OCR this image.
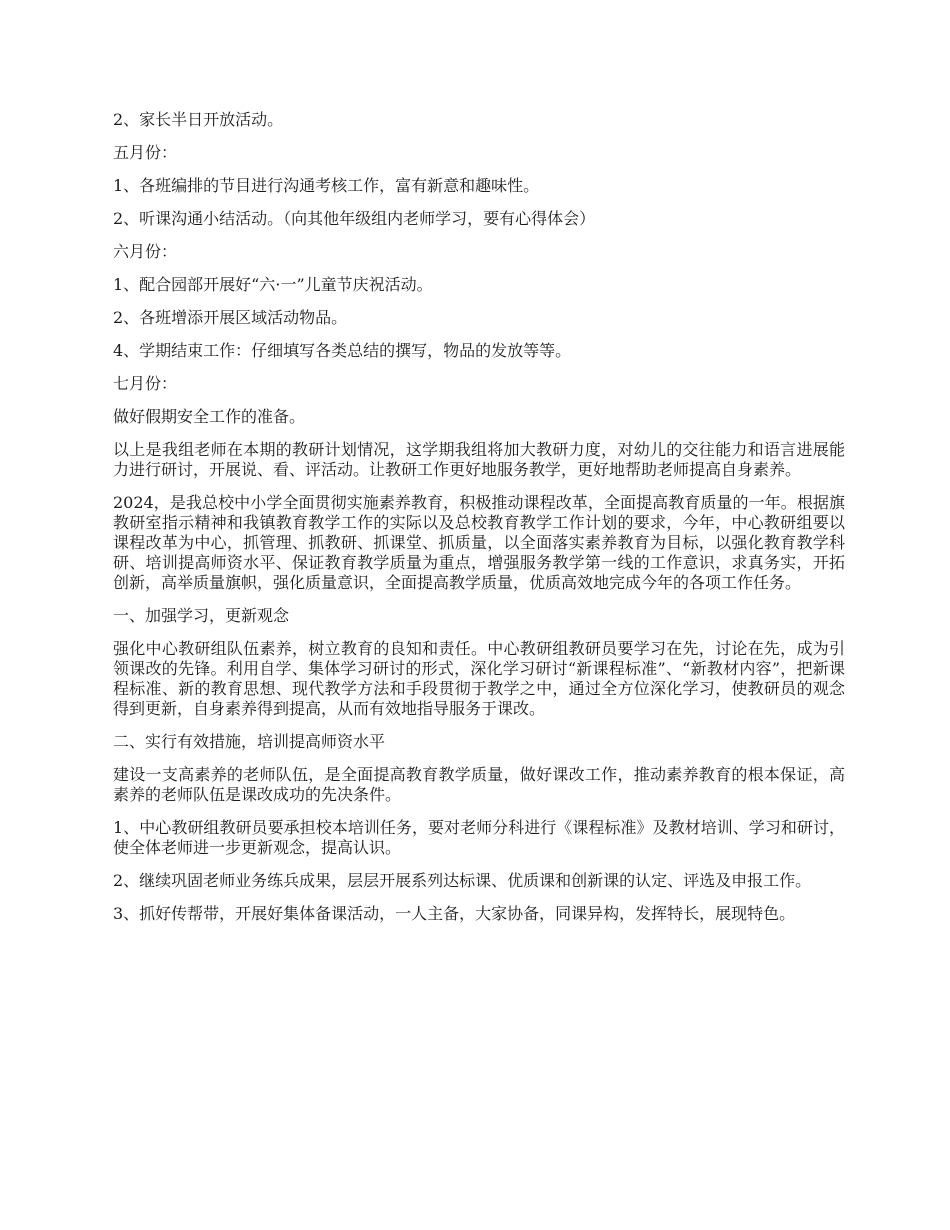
2、家长半日开放活动。

五月份：

1、各班编排的节目进行沟通考核工作，富有新意和趣味性。

2、听课沟通小结活动。（向其他年级组内老师学习，要有心得体会）

六月份：

1、配合园部开展好“六·一”儿童节庆祝活动。

2、各班增添开展区域活动物品。

4、学期结束工作：仔细填写各类总结的撰写，物品的发放等等。

七月份：

做好假期安全工作的准备。

以上是我组老师在本期的教研计划情况，这学期我组将加大教研力度，对幼儿的交往能力和语言进展能力进行研讨，开展说、看、评活动。让教研工作更好地服务教学，更好地帮助老师提高自身素养。

2024，是我总校中小学全面贯彻实施素养教育，积极推动课程改革，全面提高教育质量的一年。根据旗教研室指示精神和我镇教育教学工作的实际以及总校教育教学工作计划的要求，今年，中心教研组要以课程改革为中心，抓管理、抓教研、抓课堂、抓质量，以全面落实素养教育为目标，以强化教育教学科研、培训提高师资水平、保证教育教学质量为重点，增强服务教学第一线的工作意识，求真务实，开拓创新，高举质量旗帜，强化质量意识，全面提高教学质量，优质高效地完成今年的各项工作任务。

一、加强学习，更新观念

强化中心教研组队伍素养，树立教育的良知和责任。中心教研组教研员要学习在先，讨论在先，成为引领课改的先锋。利用自学、集体学习研讨的形式，深化学习研讨“新课程标准”、“新教材内容”，把新课程标准、新的教育思想、现代教学方法和手段贯彻于教学之中，通过全方位深化学习，使教研员的观念得到更新，自身素养得到提高，从而有效地指导服务于课改。

二、实行有效措施，培训提高师资水平

建设一支高素养的老师队伍，是全面提高教育教学质量，做好课改工作，推动素养教育的根本保证，高素养的老师队伍是课改成功的先决条件。

1、中心教研组教研员要承担校本培训任务，要对老师分科进行《课程标准》及教材培训、学习和研讨，使全体老师进一步更新观念，提高认识。

2、继续巩固老师业务练兵成果，层层开展系列达标课、优质课和创新课的认定、评选及申报工作。

3、抓好传帮带，开展好集体备课活动，一人主备，大家协备，同课异构，发挥特长，展现特色。
